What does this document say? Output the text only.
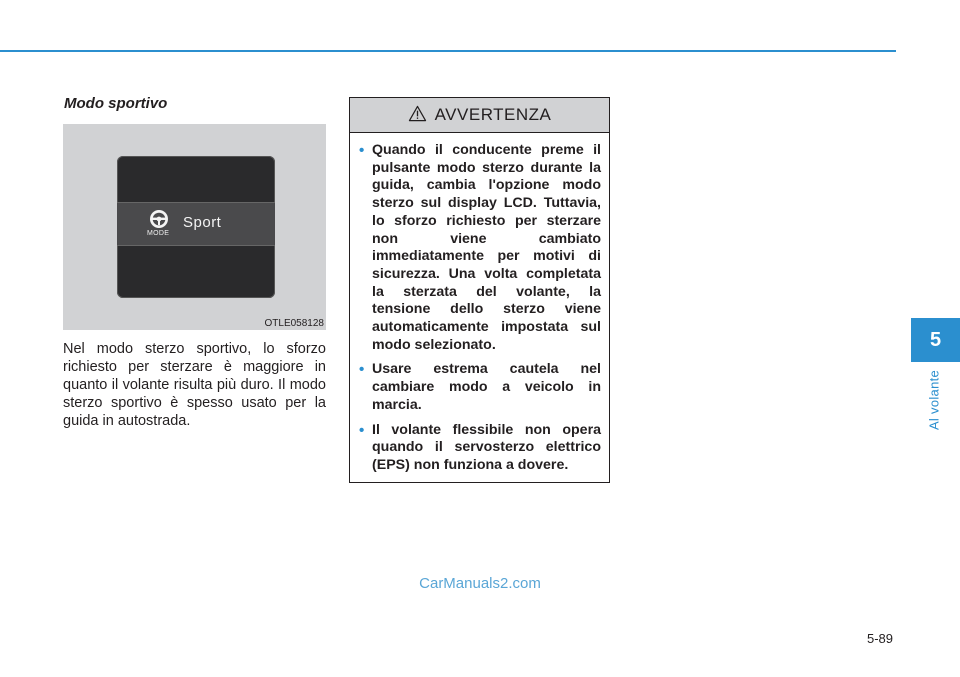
Modo sportivo
MODE
Sport
OTLE058128

Nel modo sterzo sportivo, lo sforzo richiesto per sterzare è maggiore in quanto il volante risulta più duro. Il modo sterzo sportivo è spesso usato per la guida in autostrada.

AVVERTENZA
• Quando il conducente preme il pulsante modo sterzo durante la guida, cambia l'opzione modo sterzo sul display LCD. Tuttavia, lo sforzo richiesto per sterzare non viene cambiato immediatamente per motivi di sicurezza. Una volta completata la sterzata del volante, la tensione dello sterzo viene automaticamente impostata sul modo selezionato.
• Usare estrema cautela nel cambiare modo a veicolo in marcia.
• Il volante flessibile non opera quando il servosterzo elettrico (EPS) non funziona a dovere.
5
Al volante
CarManuals2.com
5-89
